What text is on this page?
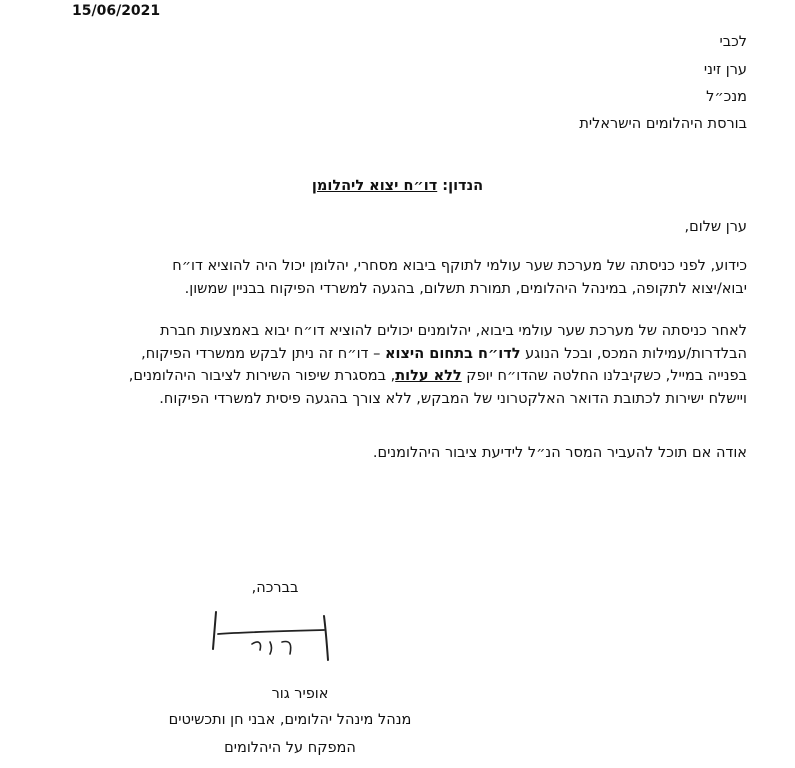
15/06/2021
לכבי
ערן זיני
מנכ״ל
בורסת היהלומים הישראלית
הנדון: דו״ח יצוא ליהלומן
ערן שלום,
כידוע, לפני כניסתה של מערכת שער עולמי לתוקף ביבוא מסחרי, יהלומן יכול היה להוציא דו״ח
יבוא/יצוא לתקופה, במינהל היהלומים, תמורת תשלום, בהגעה למשרדי הפיקוח בבניין שמשון.
לאחר כניסתה של מערכת שער עולמי ביבוא, יהלומנים יכולים להוציא דו״ח יבוא באמצעות חברת
הבלדרות/עמילות המכס, ובכל הנוגע לדו״ח בתחום היצוא – דו״ח זה ניתן לבקש ממשרדי הפיקוח,
בפנייה במייל, כשקיבלנו החלטה שהדו״ח יופק ללא עלות, במסגרת שיפור השירות לציבור היהלומנים,
ויישלח ישירות לכתובת הדואר האלקטרוני של המבקש, ללא צורך בהגעה פיסית למשרדי הפיקוח.
אודה אם תוכל להעביר המסר הנ״ל לידיעת ציבור היהלומנים.
בברכה,
אופיר גור
מנהל מינהל יהלומים, אבני חן ותכשיטים
המפקח על היהלומים
